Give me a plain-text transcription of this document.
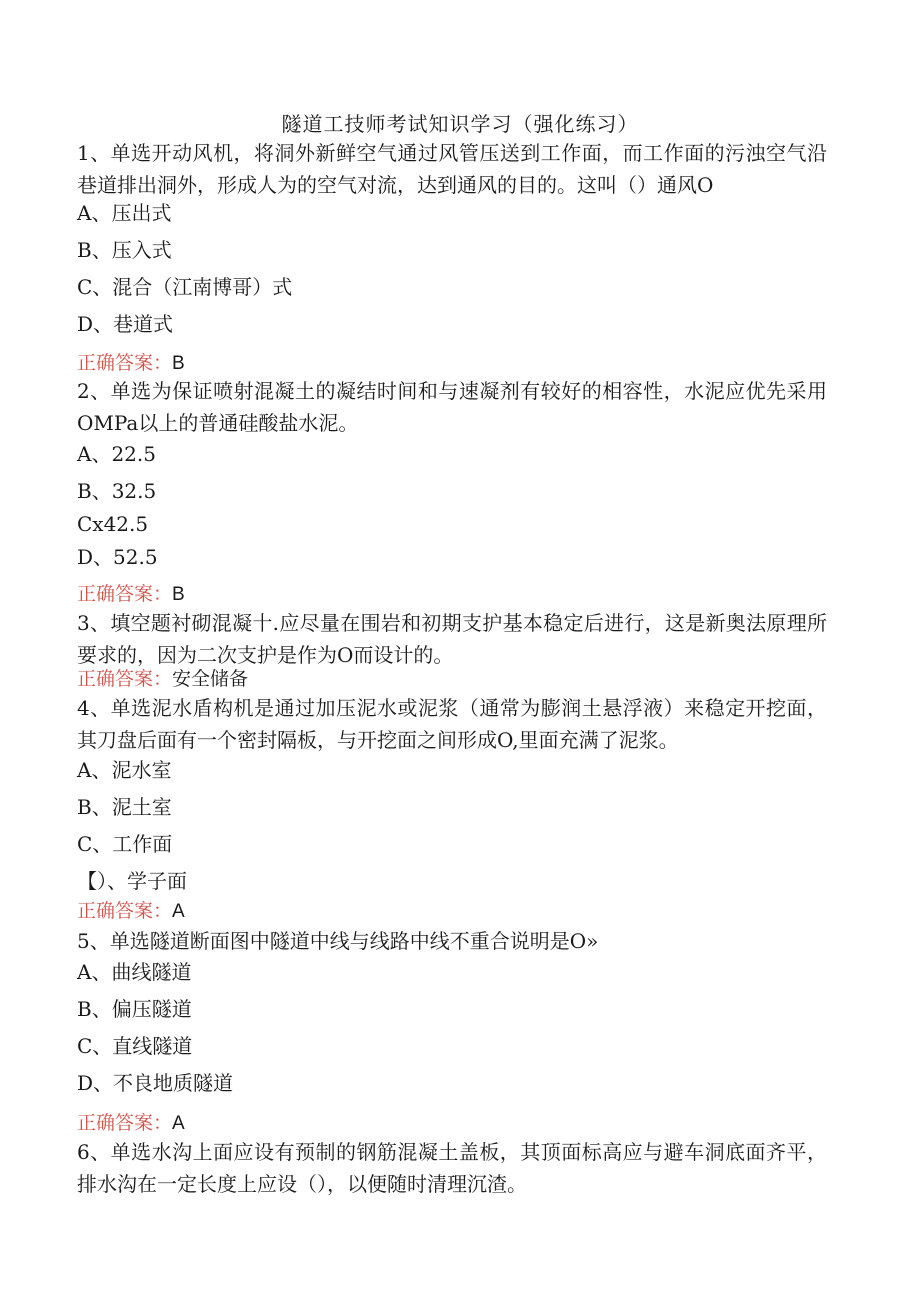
隧道工技师考试知识学习（强化练习）
1、单选开动风机，将洞外新鲜空气通过风管压送到工作面，而工作面的污浊空气沿巷道排出洞外，形成人为的空气对流，达到通风的目的。这叫（）通风O
A、压出式
B、压入式
C、混合（江南博哥）式
D、巷道式
正确答案：B
2、单选为保证喷射混凝土的凝结时间和与速凝剂有较好的相容性，水泥应优先采用OMPa以上的普通硅酸盐水泥。
A、22.5
B、32.5
Cx42.5
D、52.5
正确答案：B
3、填空题衬砌混凝十.应尽量在围岩和初期支护基本稳定后进行，这是新奥法原理所要求的，因为二次支护是作为O而设计的。
正确答案：安全储备
4、单选泥水盾构机是通过加压泥水或泥浆（通常为膨润土悬浮液）来稳定开挖面，其刀盘后面有一个密封隔板，与开挖面之间形成O,里面充满了泥浆。
A、泥水室
B、泥土室
C、工作面
【）、学子面
正确答案：A
5、单选隧道断面图中隧道中线与线路中线不重合说明是O»
A、曲线隧道
B、偏压隧道
C、直线隧道
D、不良地质隧道
正确答案：A
6、单选水沟上面应设有预制的钢筋混凝土盖板，其顶面标高应与避车洞底面齐平，排水沟在一定长度上应设（），以便随时清理沉渣。
